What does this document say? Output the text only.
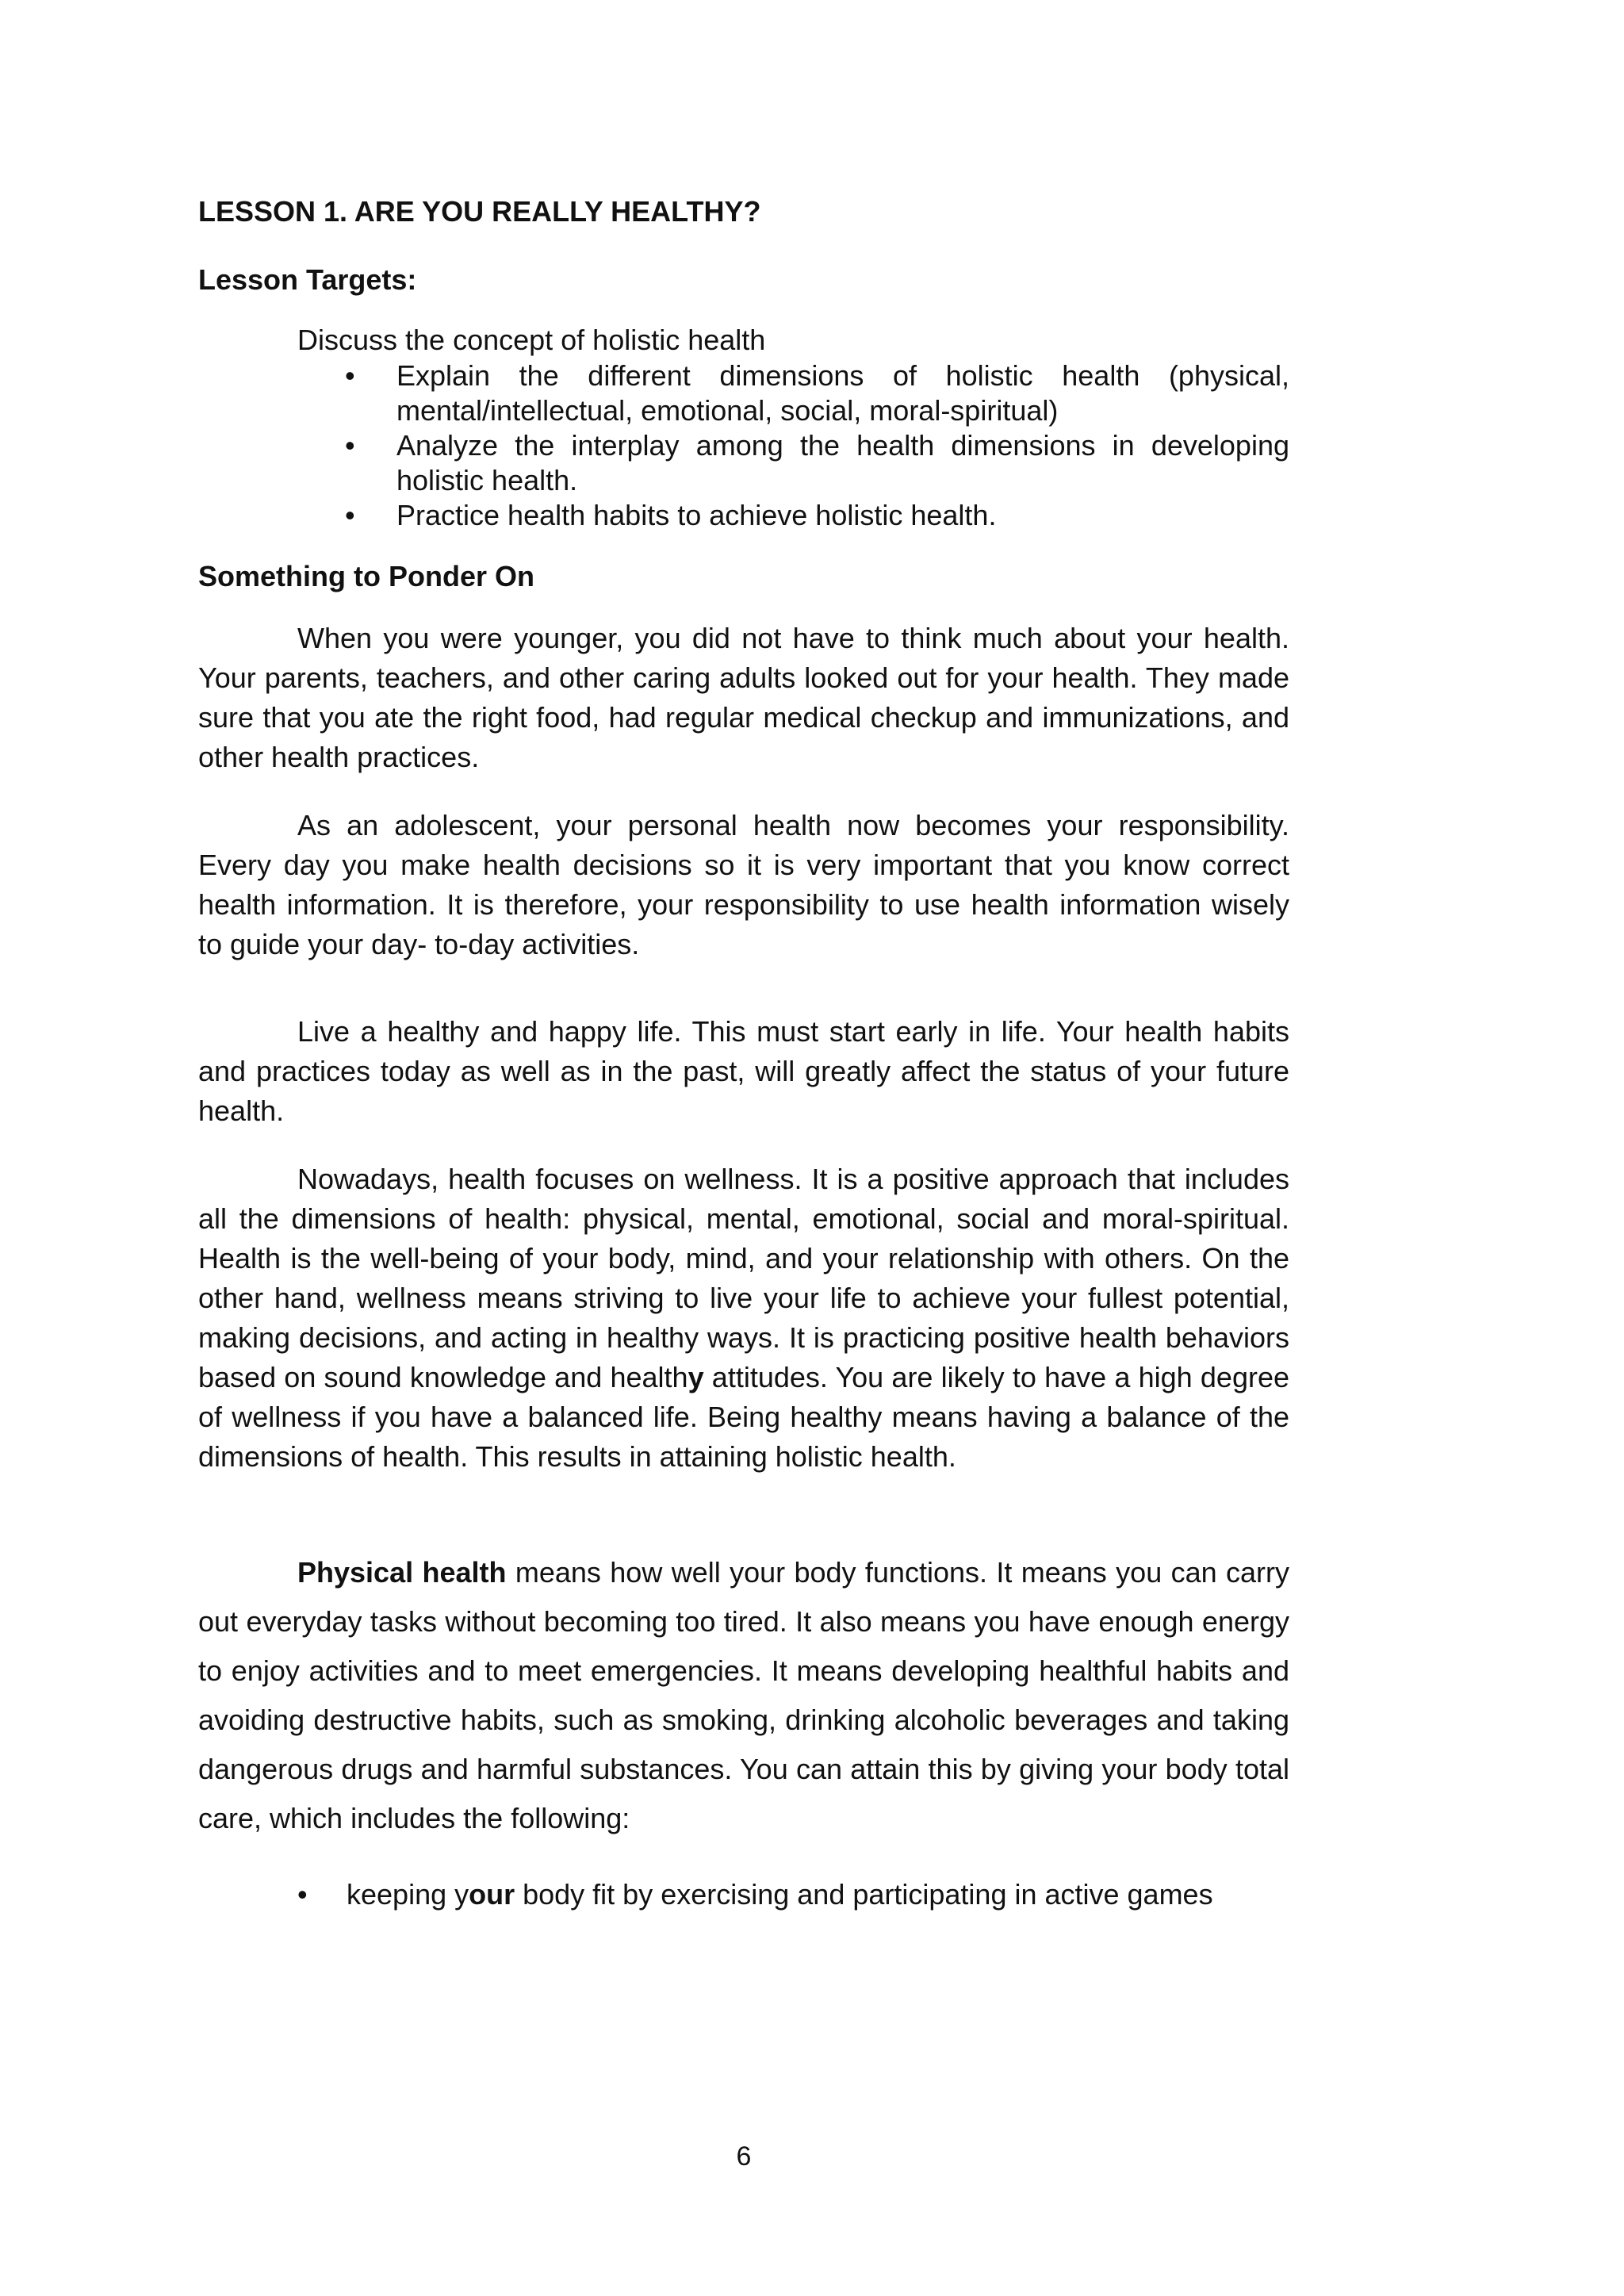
LESSON 1. ARE YOU REALLY HEALTHY?
Lesson Targets:
Discuss the concept of holistic health
• Explain the different dimensions of holistic health (physical, mental/intellectual, emotional, social, moral-spiritual)
• Analyze the interplay among the health dimensions in developing holistic health.
• Practice health habits to achieve holistic health.
Something to Ponder On

When you were younger, you did not have to think much about your health. Your parents, teachers, and other caring adults looked out for your health. They made sure that you ate the right food, had regular medical checkup and immunizations, and other health practices.

As an adolescent, your personal health now becomes your responsibility. Every day you make health decisions so it is very important that you know correct health information. It is therefore, your responsibility to use health information wisely to guide your day- to-day activities.

Live a healthy and happy life. This must start early in life. Your health habits and practices today as well as in the past, will greatly affect the status of your future health.

Nowadays, health focuses on wellness. It is a positive approach that includes all the dimensions of health: physical, mental, emotional, social and moral-spiritual. Health is the well-being of your body, mind, and your relationship with others. On the other hand, wellness means striving to live your life to achieve your fullest potential, making decisions, and acting in healthy ways. It is practicing positive health behaviors based on sound knowledge and healthy attitudes. You are likely to have a high degree of wellness if you have a balanced life. Being healthy means having a balance of the dimensions of health. This results in attaining holistic health.

Physical health means how well your body functions. It means you can carry out everyday tasks without becoming too tired. It also means you have enough energy to enjoy activities and to meet emergencies. It means developing healthful habits and avoiding destructive habits, such as smoking, drinking alcoholic beverages and taking dangerous drugs and harmful substances. You can attain this by giving your body total care, which includes the following:

• keeping your body fit by exercising and participating in active games
6
